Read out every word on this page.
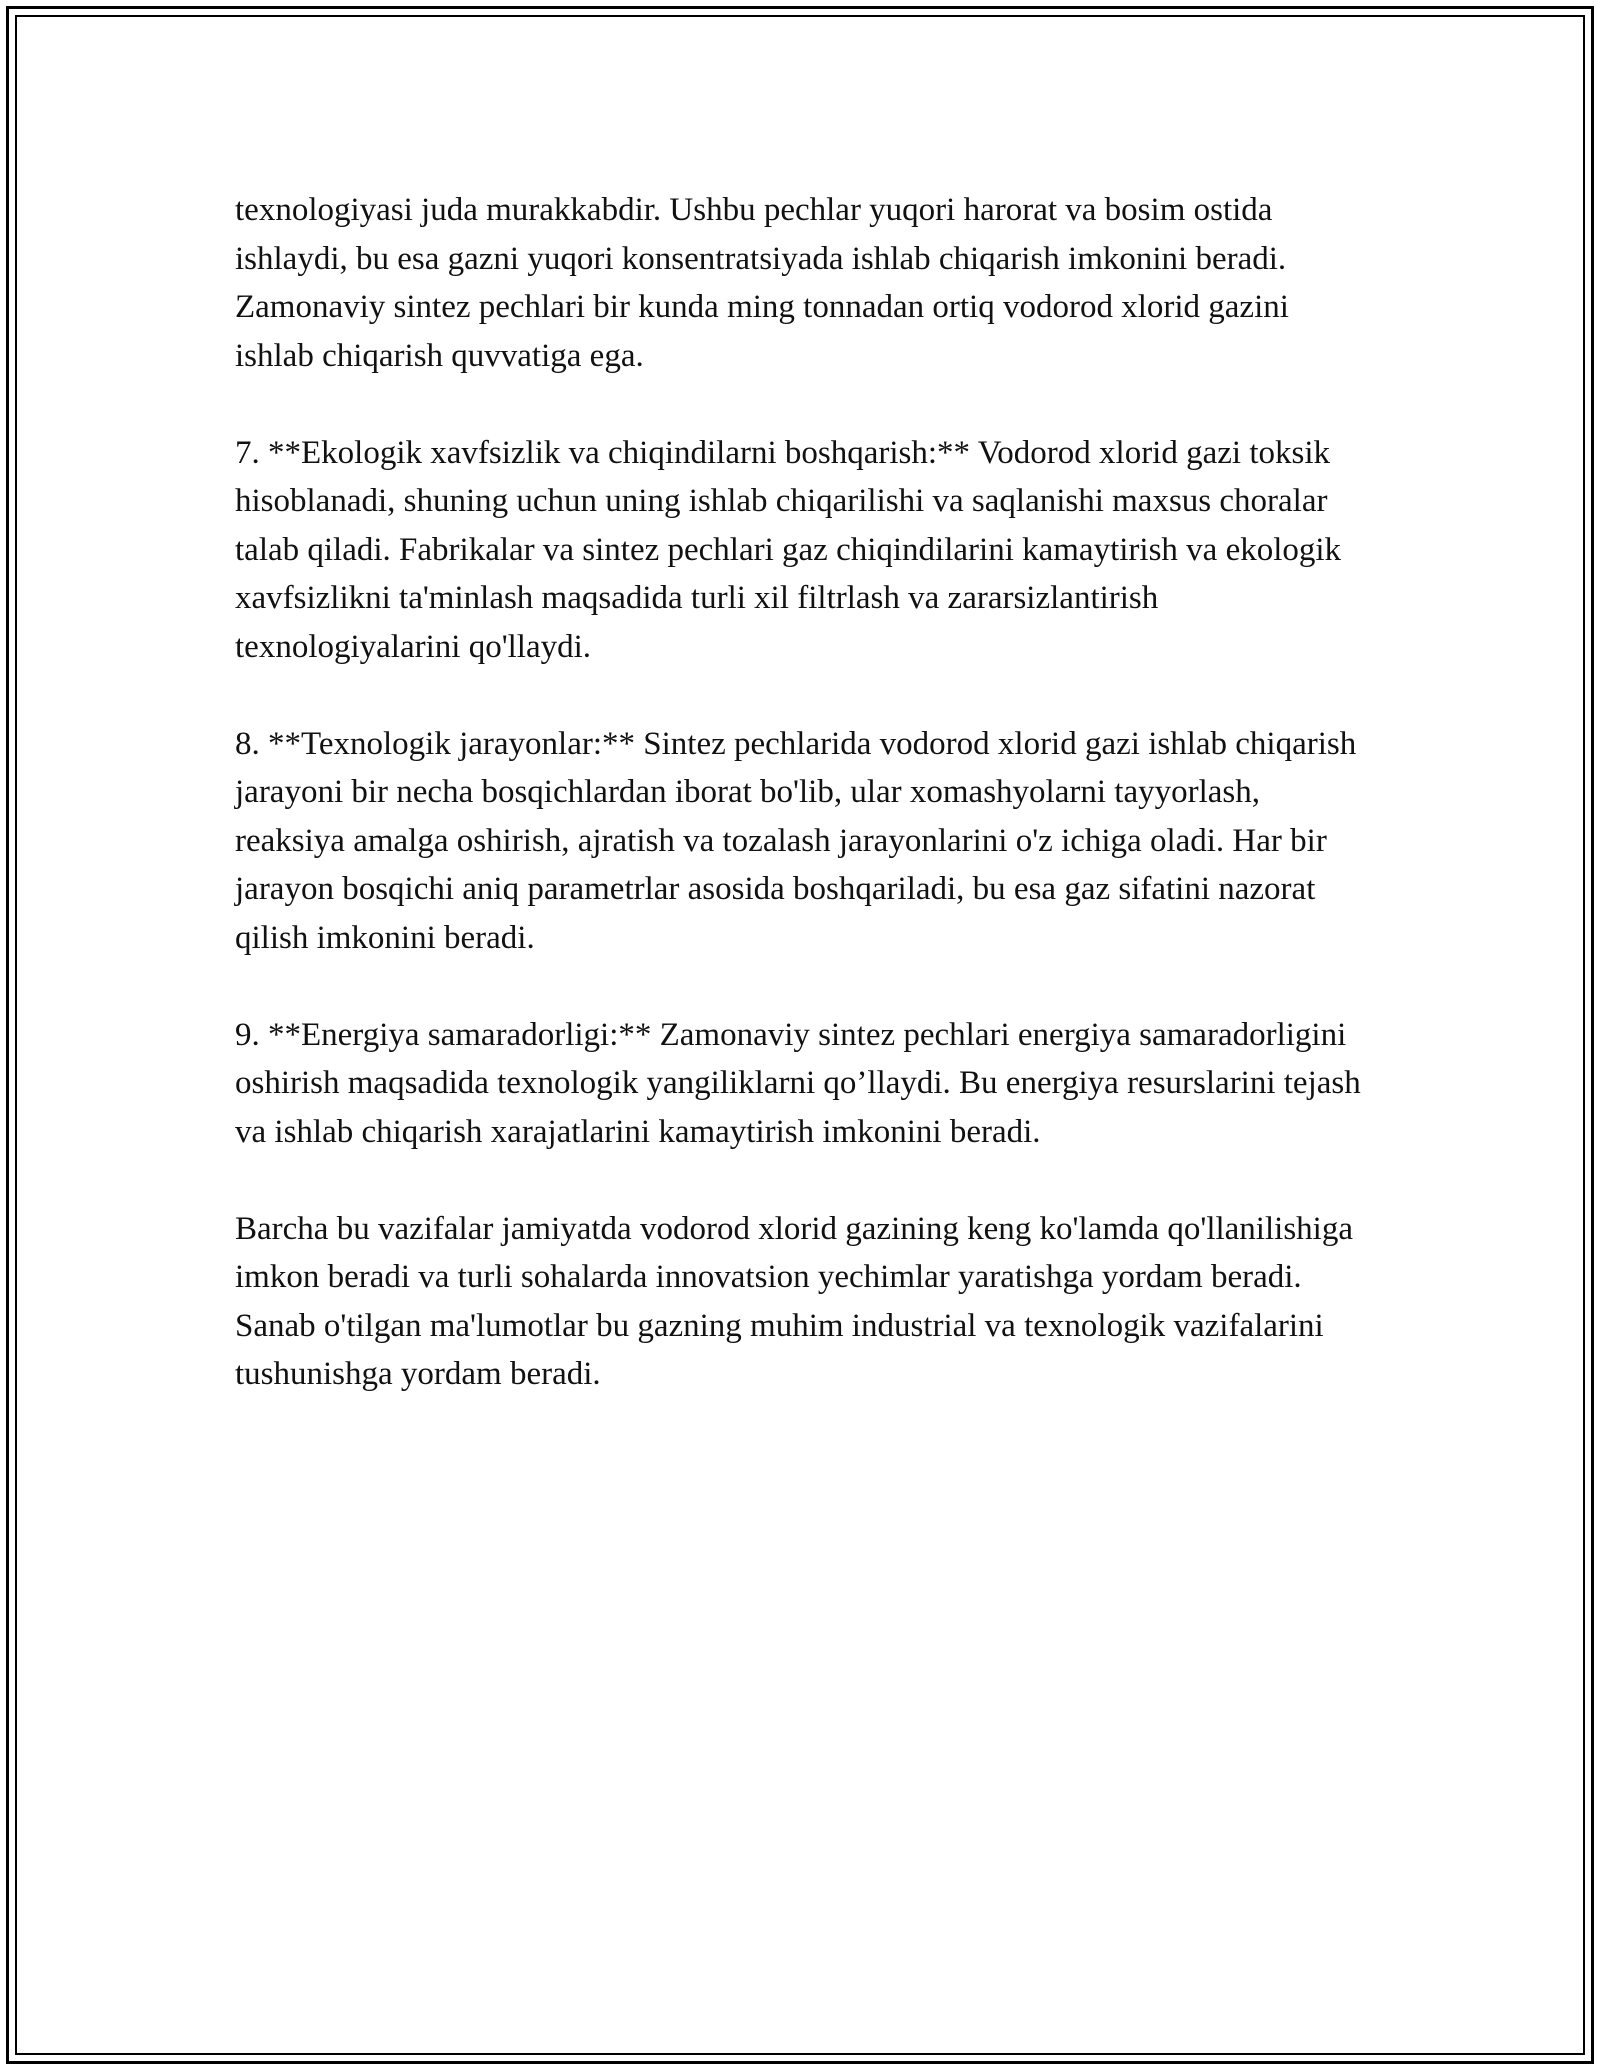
texnologiyasi juda murakkabdir. Ushbu pechlar yuqori harorat va bosim ostida ishlaydi, bu esa gazni yuqori konsentratsiyada ishlab chiqarish imkonini beradi. Zamonaviy sintez pechlari bir kunda ming tonnadan ortiq vodorod xlorid gazini ishlab chiqarish quvvatiga ega.

7. **Ekologik xavfsizlik va chiqindilarni boshqarish:** Vodorod xlorid gazi toksik hisoblanadi, shuning uchun uning ishlab chiqarilishi va saqlanishi maxsus choralar talab qiladi. Fabrikalar va sintez pechlari gaz chiqindilarini kamaytirish va ekologik xavfsizlikni ta'minlash maqsadida turli xil filtrlash va zararsizlantirish texnologiyalarini qo'llaydi.

8. **Texnologik jarayonlar:** Sintez pechlarida vodorod xlorid gazi ishlab chiqarish jarayoni bir necha bosqichlardan iborat bo'lib, ular xomashyolarni tayyorlash, reaksiya amalga oshirish, ajratish va tozalash jarayonlarini o'z ichiga oladi. Har bir jarayon bosqichi aniq parametrlar asosida boshqariladi, bu esa gaz sifatini nazorat qilish imkonini beradi.

9. **Energiya samaradorligi:** Zamonaviy sintez pechlari energiya samaradorligini oshirish maqsadida texnologik yangiliklarni qo’llaydi. Bu energiya resurslarini tejash va ishlab chiqarish xarajatlarini kamaytirish imkonini beradi.

Barcha bu vazifalar jamiyatda vodorod xlorid gazining keng ko'lamda qo'llanilishiga imkon beradi va turli sohalarda innovatsion yechimlar yaratishga yordam beradi. Sanab o'tilgan ma'lumotlar bu gazning muhim industrial va texnologik vazifalarini tushunishga yordam beradi.
